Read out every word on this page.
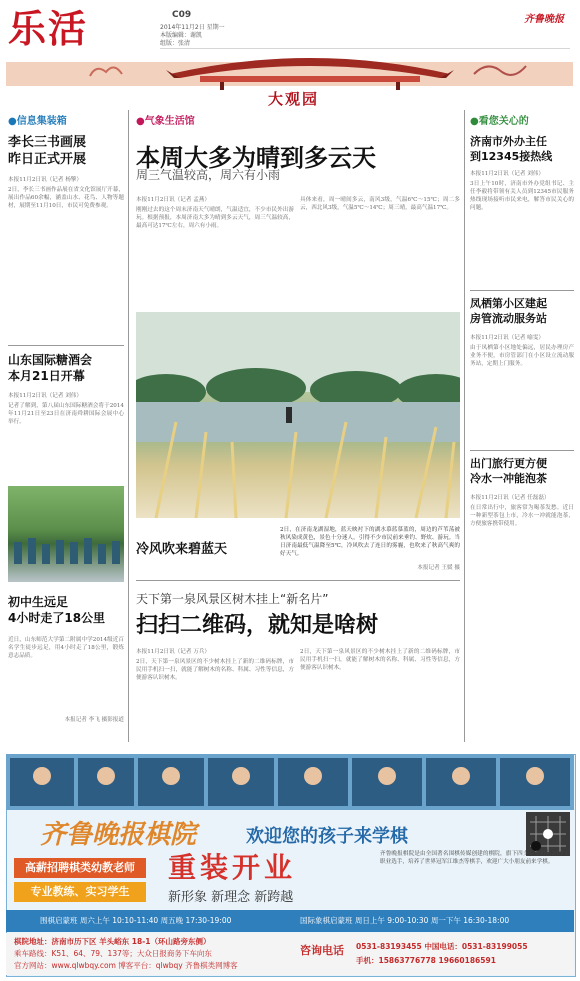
乐活	C09
2014年11月2日 星期一
本版编辑：谢凯
组版：张清
齐鲁晚报
大观园
●信息集装箱
李长三书画展
昨日正式开展
本报11月2日讯（记者 杨擎）
2日，李长三书画作品展在省文化馆展厅开幕，展出作品60余幅，涵盖山水、花鸟、人物等题材，展期至11月10日，市民可免费参观。
山东国际糖酒会
本月21日开幕
本报11月2日讯（记者 刘伟）
记者了解到，第八届山东国际糖酒会将于2014年11月21日至23日在济南舜耕国际会展中心举行。
初中生远足
4小时走了18公里
近日，山东师范大学第二附属中学2014级近百名学生徒步远足，用4小时走了18公里，锻炼意志品质。
本报记者 李飞 摄影报道
●气象生活馆
本周大多为晴到多云天
周三气温较高，周六有小雨
本报11月2日讯（记者 孟燕）
刚刚过去的这个周末济南天气晴朗，气温适宜，不少市民外出游玩。根据预报，本周济南大多为晴到多云天气，周三气温较高，最高可达17℃左右，周六有小雨。
具体来看，周一晴间多云，南风3级，气温6℃～15℃；周二多云，西北风3级，气温5℃～14℃；周三晴，最高气温17℃。
冷风吹来碧蓝天
2日，在济南龙湖湿地，蓝天映衬下的湖水慕蓝慕蓝的，周边的芦苇荡被秋风染成黄色，景色十分迷人，引得不少市民前来垂钓、野炊、游玩。当日济南最低气温降至5℃，冷风吹去了连日的雾霾，也吹来了秋高气爽的好天气。
本报记者 王媛 摄
天下第一泉风景区树木挂上“新名片”
扫扫二维码，就知是啥树
本报11月2日讯（记者 万兵）
2日，天下第一泉风景区的不少树木挂上了新的二维码标牌，市民用手机扫一扫，就能了解树木的名称、科属、习性等信息，方便游客认识树木。
2日，天下第一泉风景区的不少树木挂上了新的二维码标牌，市民用手机扫一扫，就能了解树木的名称、科属、习性等信息，方便游客认识树木。
●看您关心的
济南市外办主任
到12345接热线
本报11月2日讯（记者 刘伟）
3日上午10时，济南市外办党组书记、主任李毅将带领有关人员到12345市民服务热线现场接听市民来电，解答市民关心的问题。
凤栖第小区建起
房管流动服务站
本报11月2日讯（记者 喻雯）
由于凤栖第小区地处偏远，居民办理房产业务不便，市房管部门在小区设立流动服务站，定期上门服务。
出门旅行更方便
冷水一冲能泡茶
本报11月2日讯（记者 任磊磊）
在日常出行中，旅客常为喝茶发愁。近日一种新型茶包上市，冷水一冲就能泡茶，方便旅客携带使用。
齐鲁晚报棋院	欢迎您的孩子来学棋
高薪招聘棋类幼教老师
专业教练、实习学生
重装开业
新形象 新理念 新跨越
齐鲁晚报棋院是由全国著名围棋传媒创建的棋院，旗下四支专业棋队20余名职业选手，培养了世界冠军江维杰等棋手，欢迎广大小朋友前来学棋。
围棋启蒙班 周六上午 10:10-11:40 周五晚 17:30-19:00	国际象棋启蒙班 周日上午 9:00-10:30 周一下午 16:30-18:00
棋院地址：济南市历下区 羊头峪东 18-1（环山路旁东侧）
乘车路线：K51、64、79、137等；大众日报商务下车向东
官方网站：www.qlwbqy.com 博客平台：qlwbqy 齐鲁棋类网博客
咨询电话 0531-83193455 中国电话：0531-83199055
手机：15863776778 19660186591
